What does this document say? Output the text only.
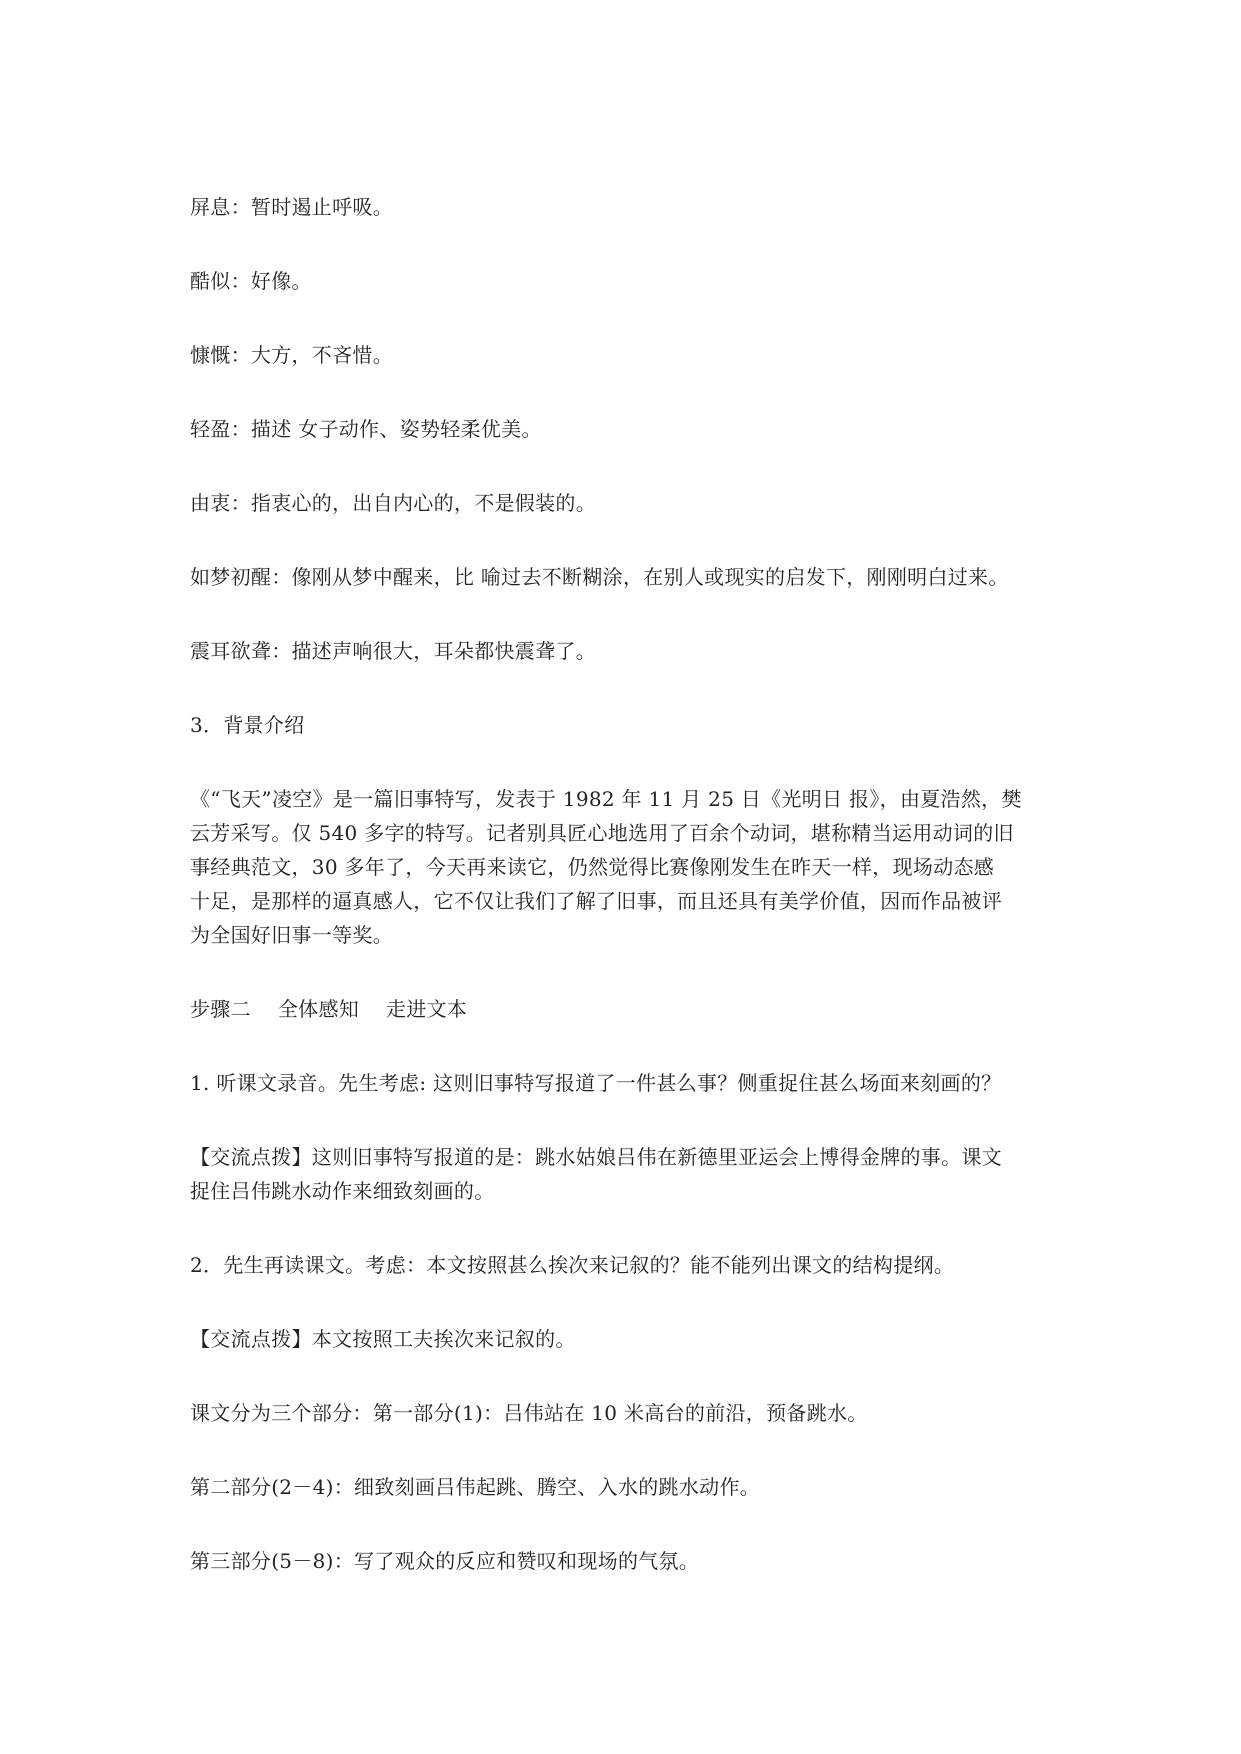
屏息：暂时遏止呼吸。
酷似：好像。
慷慨：大方，不吝惜。
轻盈：描述 女子动作、姿势轻柔优美。
由衷：指衷心的，出自内心的，不是假装的。
如梦初醒：像刚从梦中醒来，比 喻过去不断糊涂，在别人或现实的启发下，刚刚明白过来。
震耳欲聋：描述声响很大，耳朵都快震聋了。
3．背景介绍
《“飞天”凌空》是一篇旧事特写，发表于 1982 年 11 月 25 日《光明日 报》，由夏浩然，樊
云芳采写。仅 540 多字的特写。记者别具匠心地选用了百余个动词，堪称精当运用动词的旧
事经典范文，30 多年了，今天再来读它，仍然觉得比赛像刚发生在昨天一样，现场动态感
十足，是那样的逼真感人，它不仅让我们了解了旧事，而且还具有美学价值，因而作品被评
为全国好旧事一等奖。
步骤二　 全体感知　 走进文本
1. 听课文录音。先生考虑: 这则旧事特写报道了一件甚么事？侧重捉住甚么场面来刻画的？
【交流点拨】这则旧事特写报道的是：跳水姑娘吕伟在新德里亚运会上博得金牌的事。课文
捉住吕伟跳水动作来细致刻画的。
2．先生再读课文。考虑：本文按照甚么挨次来记叙的？能不能列出课文的结构提纲。
【交流点拨】本文按照工夫挨次来记叙的。
课文分为三个部分：第一部分(1)：吕伟站在 10 米高台的前沿，预备跳水。
第二部分(2－4)：细致刻画吕伟起跳、腾空、入水的跳水动作。
第三部分(5－8)：写了观众的反应和赞叹和现场的气氛。
